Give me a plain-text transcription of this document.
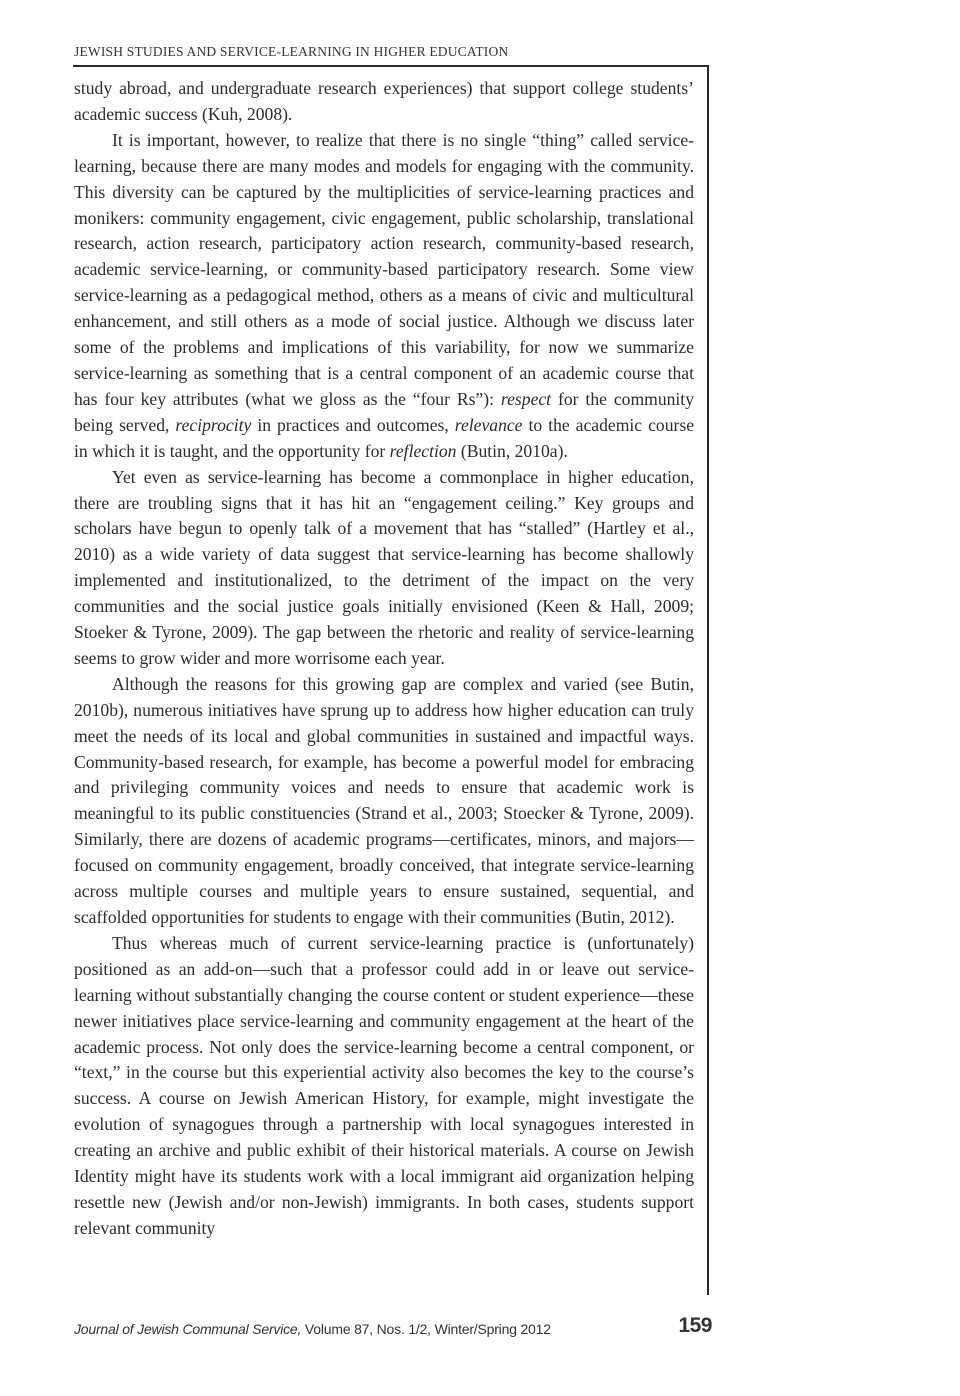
JEWISH STUDIES AND SERVICE-LEARNING IN HIGHER EDUCATION

study abroad, and undergraduate research experiences) that support college students’ academic success (Kuh, 2008).

It is important, however, to realize that there is no single “thing” called service-learning, because there are many modes and models for engaging with the community. This diversity can be captured by the multiplicities of service-learning practices and monikers: community engagement, civic engagement, public scholarship, translational research, action research, participatory action research, community-based research, academic service-learning, or community-based participatory research. Some view service-learning as a pedagogical method, others as a means of civic and multicultural enhancement, and still others as a mode of social justice. Although we discuss later some of the problems and implications of this variability, for now we summarize service-learning as something that is a central component of an academic course that has four key attributes (what we gloss as the “four Rs”): respect for the community being served, reciprocity in practices and outcomes, relevance to the academic course in which it is taught, and the opportunity for reflection (Butin, 2010a).

Yet even as service-learning has become a commonplace in higher education, there are troubling signs that it has hit an “engagement ceiling.” Key groups and scholars have begun to openly talk of a movement that has “stalled” (Hartley et al., 2010) as a wide variety of data suggest that service-learning has become shallowly implemented and institutionalized, to the detriment of the impact on the very communities and the social justice goals initially envisioned (Keen & Hall, 2009; Stoeker & Tyrone, 2009). The gap between the rhetoric and reality of service-learning seems to grow wider and more worrisome each year.

Although the reasons for this growing gap are complex and varied (see Butin, 2010b), numerous initiatives have sprung up to address how higher education can truly meet the needs of its local and global communities in sustained and impactful ways. Community-based research, for example, has become a powerful model for embracing and privileging community voices and needs to ensure that academic work is meaningful to its public constituencies (Strand et al., 2003; Stoecker & Tyrone, 2009). Similarly, there are dozens of academic programs—certificates, minors, and majors—focused on community engagement, broadly conceived, that integrate service-learning across multiple courses and multiple years to ensure sustained, sequential, and scaffolded opportunities for students to engage with their communities (Butin, 2012).

Thus whereas much of current service-learning practice is (unfortunately) positioned as an add-on—such that a professor could add in or leave out service-learning without substantially changing the course content or student experience—these newer initiatives place service-learning and community engagement at the heart of the academic process. Not only does the service-learning become a central component, or “text,” in the course but this experiential activity also becomes the key to the course’s success. A course on Jewish American History, for example, might investigate the evolution of synagogues through a partnership with local synagogues interested in creating an archive and public exhibit of their historical materials. A course on Jewish Identity might have its students work with a local immigrant aid organization helping resettle new (Jewish and/or non-Jewish) immigrants. In both cases, students support relevant community

Journal of Jewish Communal Service, Volume 87, Nos. 1/2, Winter/Spring 2012	159
